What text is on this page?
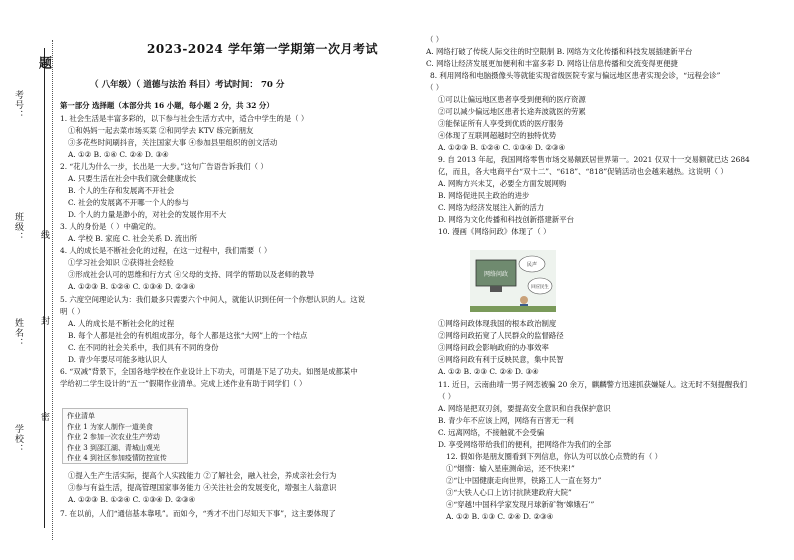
题
线
封
密
考号：
班级：
姓名：
学校：
2023-2024 学年第一学期第一次月考试
（ 八年级）（ 道德与法治 科目）考试时间： 70 分
第一部分 选择题（本部分共 16 小题，每小题 2 分，共 32 分）
1. 社会生活是丰富多彩的，以下参与社会生活方式中，适合中学生的是（ ）
①和妈妈一起去菜市场买菜 ②和同学去 KTV 练完新朋友
③多花些时间刷抖音，关注国家大事 ④参加县里组织的创文活动
A. ①② B. ①④ C. ②④ D. ③④
2. “花儿为什么一步，长出是一大步。”这句广告语告诉我们（ ）
A. 只要生活在社会中我们就会健康成长
B. 个人的生存和发展离不开社会
C. 社会的发展离不开哪一个人的参与
D. 个人的力量是渺小的，对社会的发展作用不大
3. 人的身份是（ ）中确定的。
A. 学校 B. 家庭 C. 社会关系 D. 流出所
4. 人的成长是不断社会化的过程，在这一过程中，我们需要（ ）
①学习社会知识 ②获得社会经验
③形成社会认可的思维和行方式 ④父母的支持、同学的帮助以及老师的教导
A. ①②③ B. ①②④ C. ①③④ D. ②③④
5. 六度空间理论认为：我们最多只需要六个中间人，就能认识到任何一个你想认识的人。这说
明（ ）
A. 人的成长是不断社会化的过程
B. 每个人都是社会的有机组成部分，每个人都是这张“大网”上的一个结点
C. 在不同的社会关系中，我们具有不同的身份
D. 青少年要尽可能多地认识人
6. “双减”背景下，全国各地学校在作业设计上下功夫，可谓是下足了功夫。如图是成都某中
学给初二学生设计的“五一”假期作业清单。完成上述作业有助于同学们（ ）
①提入生产生活实际，提高个人实践能力 ②了解社会，融入社会，养成亲社会行为
③参与有益生活，提高管理国家事务能力 ④关注社会的发展变化，增强主人翁意识
A. ①②③ B. ①②④ C. ①③④ D. ②③④
7. 在以前，人们“通信基本靠吼”。而如今，“秀才不出门尽知天下事”，这主要体现了
作业清单
作业 1 为家人制作一道美食
作业 2 参加一次农业生产劳动
作业 3 到邵江湖、青城山观光
作业 4 到社区参加疫情防控宣传
（ ）
A. 网络打破了传统人际交往的时空限制 B. 网络为文化传播和科技发展插建新平台
C. 网络让经济发展更加便利和丰富多彩 D. 网络让信息传播和交流变得更便捷
8. 利用网络和电脑摄像头等就能实现省级医院专家与偏远地区患者实现会诊，“远程会诊”
（ ）
①可以让偏远地区患者享受到便利的医疗资源
②可以减少偏远地区患者长途奔波就医的劳累
③能保证所有人享受到优质的医疗服务
④体现了互联网超越时空的独特优势
A. ①②③ B. ①②④ C. ①③④ D. ②③④
9. 自 2013 年起，我国网络零售市场交易额跃居世界第一。2021 仅双十一交易额就已达 2684
亿，而且，各大电商平台“双十二”、“618”、“818”促销活动也会越来越热。这说明（ ）
A. 网购方兴未艾，必要全方面发展网购
B. 网络促进民主政治的进步
C. 网络为经济发展注入新的活力
D. 网络为文化传播和科技创新搭建新平台
10. 漫画《网络问政》体现了（ ）
①网络问政体现我国的根本政治制度
②网络问政拓宽了人民群众的监督路径
③网络问政会影响政府的办事效率
④网络问政有利于反映民意，集中民智
A. ①② B. ②③ C. ②④ D. ③④
11. 近日，云南曲靖一男子网恋被骗 20 余万，麒麟警方迅速抓获嫌疑人。这无时不刻提醒我们
（ ）
A. 网络是把双刃剑，要提高安全意识和自我保护意识
B. 青少年不应该上网，网络有百害无一利
C. 远离网络，不接触就不会受骗
D. 享受网络带给我们的便利，把网络作为我们的全部
12. 假如你是朋友圈看到下列信息，你认为可以放心点赞的有（ ）
①“烟惰：输入星座测命运，还不快来!”
②“让中国健康走向世界，铁路工人一直在努力”
③“大铁人心口上访讨抗陕建政府大院”
④“穿越!中国科学家发现月球新矿物‘嫦娥石’”
A. ①② B. ①③ C. ②④ D. ②③④
网络问政
民声
回应民生
